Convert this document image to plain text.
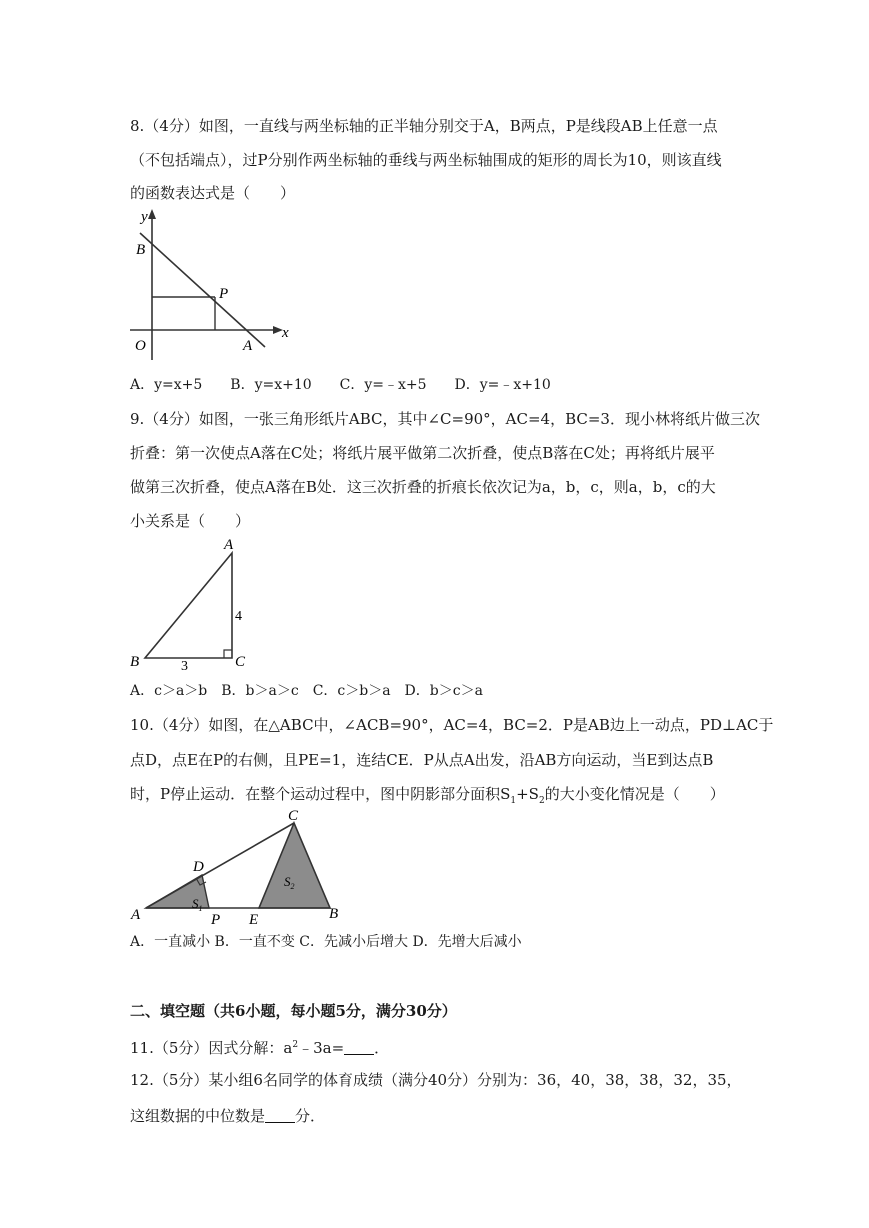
8.（4分）如图，一直线与两坐标轴的正半轴分别交于A，B两点，P是线段AB上任意一点
（不包括端点），过P分别作两坐标轴的垂线与两坐标轴围成的矩形的周长为10，则该直线
的函数表达式是（　　）
y
x
B
P
O	A
A．y=x+5　　B．y=x+10　　C．y=﹣x+5　　D．y=﹣x+10
9.（4分）如图，一张三角形纸片ABC，其中∠C=90°，AC=4，BC=3．现小林将纸片做三次
折叠：第一次使点A落在C处；将纸片展平做第二次折叠，使点B落在C处；再将纸片展平
做第三次折叠，使点A落在B处．这三次折叠的折痕长依次记为a，b，c，则a，b，c的大
小关系是（　　）
A
B	C
4
3
A．c＞a＞b　B．b＞a＞c　C．c＞b＞a　D．b＞c＞a
10.（4分）如图，在△ABC中，∠ACB=90°，AC=4，BC=2．P是AB边上一动点，PD⊥AC于
点D，点E在P的右侧，且PE=1，连结CE．P从点A出发，沿AB方向运动，当E到达点B
时，P停止运动．在整个运动过程中，图中阴影部分面积$S_1+S_2$的大小变化情况是（　　）
C
D
A	P E	B
$S_1$
$S_2$
A．一直减小 B．一直不变 C．先减小后增大 D．先增大后减小
二、填空题（共6小题，每小题5分，满分30分）
11.（5分）因式分解：$a^2﹣3a=$ ．
12.（5分）某小组6名同学的体育成绩（满分40分）分别为：36，40，38，38，32，35，
这组数据的中位数是 分．
